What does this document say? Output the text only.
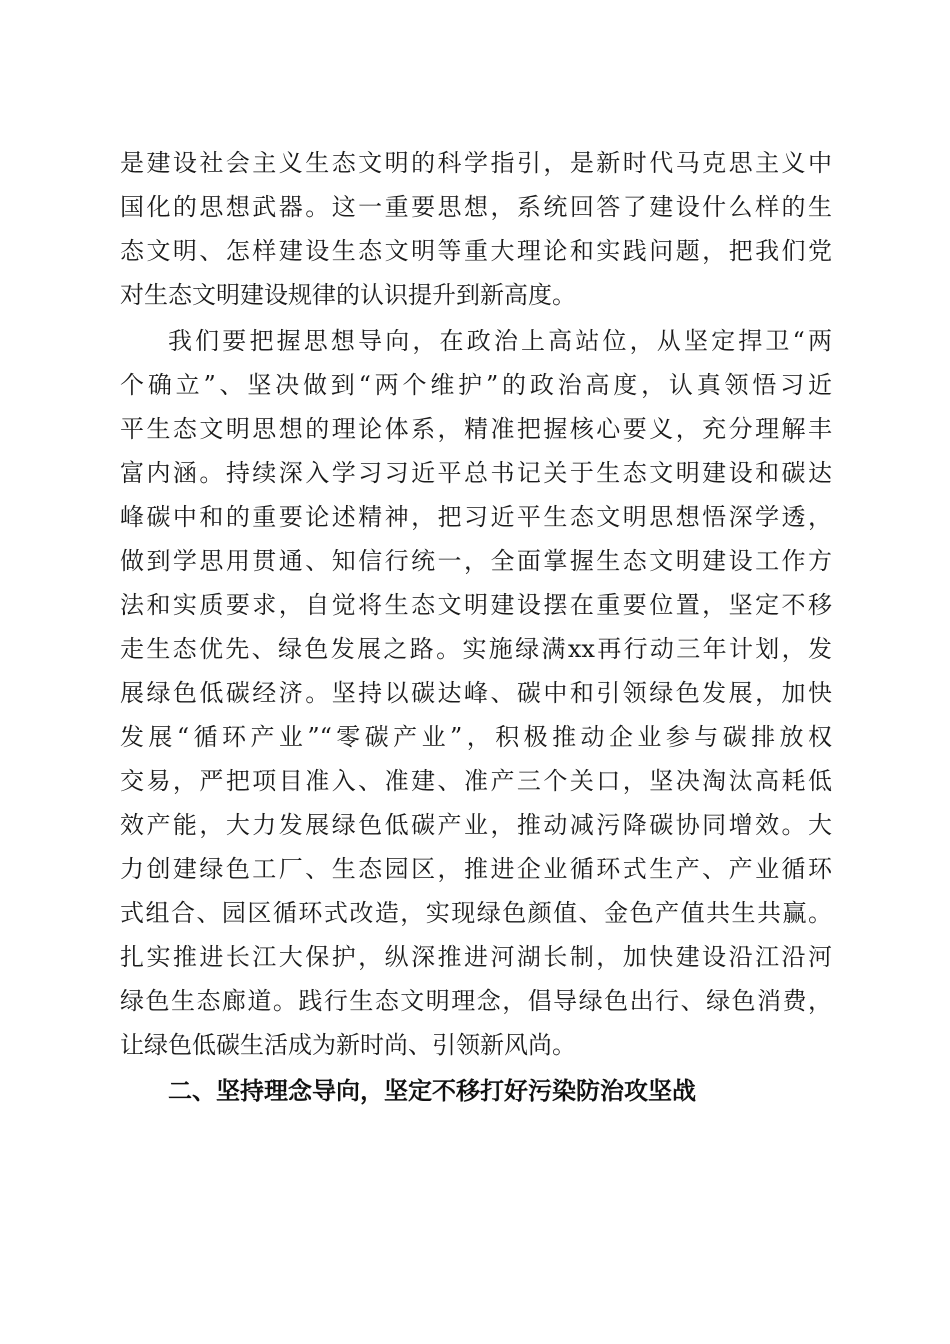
是建设社会主义生态文明的科学指引，是新时代马克思主义中
国化的思想武器。这一重要思想，系统回答了建设什么样的生
态文明、怎样建设生态文明等重大理论和实践问题，把我们党
对生态文明建设规律的认识提升到新高度。
我们要把握思想导向，在政治上高站位，从坚定捍卫“两
个确立”、坚决做到“两个维护”的政治高度，认真领悟习近
平生态文明思想的理论体系，精准把握核心要义，充分理解丰
富内涵。持续深入学习习近平总书记关于生态文明建设和碳达
峰碳中和的重要论述精神，把习近平生态文明思想悟深学透，
做到学思用贯通、知信行统一，全面掌握生态文明建设工作方
法和实质要求，自觉将生态文明建设摆在重要位置，坚定不移
走生态优先、绿色发展之路。实施绿满xx再行动三年计划，发
展绿色低碳经济。坚持以碳达峰、碳中和引领绿色发展，加快
发展“循环产业”“零碳产业”，积极推动企业参与碳排放权
交易，严把项目准入、准建、准产三个关口，坚决淘汰高耗低
效产能，大力发展绿色低碳产业，推动减污降碳协同增效。大
力创建绿色工厂、生态园区，推进企业循环式生产、产业循环
式组合、园区循环式改造，实现绿色颜值、金色产值共生共赢。
扎实推进长江大保护，纵深推进河湖长制，加快建设沿江沿河
绿色生态廊道。践行生态文明理念，倡导绿色出行、绿色消费，
让绿色低碳生活成为新时尚、引领新风尚。
二、坚持理念导向，坚定不移打好污染防治攻坚战
